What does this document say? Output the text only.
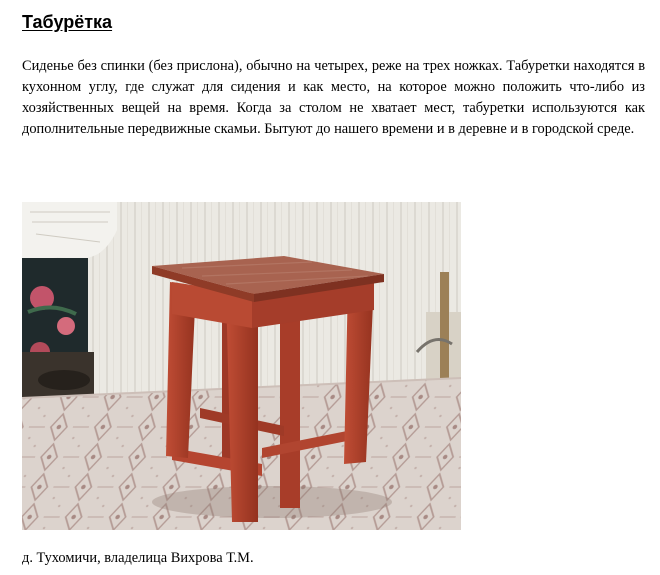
Табурётка

Сиденье без спинки (без прислона), обычно на четырех, реже на трех ножках. Табуретки находятся в кухонном углу, где служат для сидения и как место, на которое можно положить что-либо из хозяйственных вещей на время. Когда за столом не хватает мест, табуретки используются как дополнительные передвижные скамьи. Бытуют до нашего времени и в деревне и в городской среде.

д. Тухомичи, владелица Вихрова Т.М.
